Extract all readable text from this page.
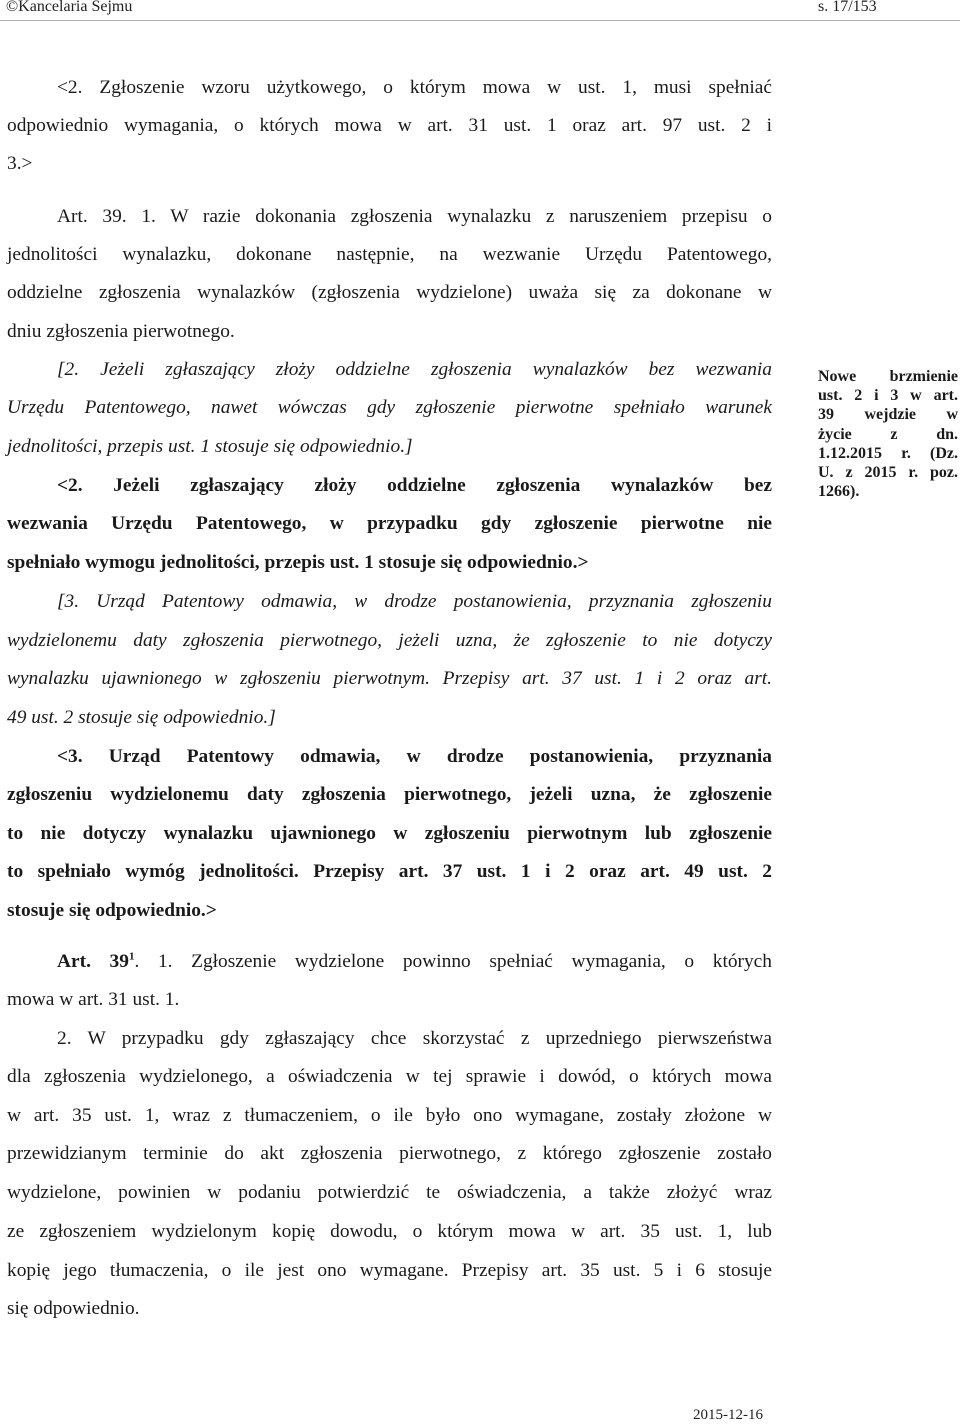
©Kancelaria Sejmu	s. 17/153

<2. Zgłoszenie wzoru użytkowego, o którym mowa w ust. 1, musi spełniać

odpowiednio wymagania, o których mowa w art. 31 ust. 1 oraz art. 97 ust. 2 i

3.>

Art. 39. 1. W razie dokonania zgłoszenia wynalazku z naruszeniem przepisu o

jednolitości wynalazku, dokonane następnie, na wezwanie Urzędu Patentowego,

oddzielne zgłoszenia wynalazków (zgłoszenia wydzielone) uważa się za dokonane w

dniu zgłoszenia pierwotnego.

[2. Jeżeli zgłaszający złoży oddzielne zgłoszenia wynalazków bez wezwania

Urzędu Patentowego, nawet wówczas gdy zgłoszenie pierwotne spełniało warunek

jednolitości, przepis ust. 1 stosuje się odpowiednio.]

<2. Jeżeli zgłaszający złoży oddzielne zgłoszenia wynalazków bez

wezwania Urzędu Patentowego, w przypadku gdy zgłoszenie pierwotne nie

spełniało wymogu jednolitości, przepis ust. 1 stosuje się odpowiednio.>

[3. Urząd Patentowy odmawia, w drodze postanowienia, przyznania zgłoszeniu

wydzielonemu daty zgłoszenia pierwotnego, jeżeli uzna, że zgłoszenie to nie dotyczy

wynalazku ujawnionego w zgłoszeniu pierwotnym. Przepisy art. 37 ust. 1 i 2 oraz art.

49 ust. 2 stosuje się odpowiednio.]

<3. Urząd Patentowy odmawia, w drodze postanowienia, przyznania

zgłoszeniu wydzielonemu daty zgłoszenia pierwotnego, jeżeli uzna, że zgłoszenie

to nie dotyczy wynalazku ujawnionego w zgłoszeniu pierwotnym lub zgłoszenie

to spełniało wymóg jednolitości. Przepisy art. 37 ust. 1 i 2 oraz art. 49 ust. 2

stosuje się odpowiednio.>

Art. $39^1$. 1. Zgłoszenie wydzielone powinno spełniać wymagania, o których

mowa w art. 31 ust. 1.

2. W przypadku gdy zgłaszający chce skorzystać z uprzedniego pierwszeństwa

dla zgłoszenia wydzielonego, a oświadczenia w tej sprawie i dowód, o których mowa

w art. 35 ust. 1, wraz z tłumaczeniem, o ile było ono wymagane, zostały złożone w

przewidzianym terminie do akt zgłoszenia pierwotnego, z którego zgłoszenie zostało

wydzielone, powinien w podaniu potwierdzić te oświadczenia, a także złożyć wraz

ze zgłoszeniem wydzielonym kopię dowodu, o którym mowa w art. 35 ust. 1, lub

kopię jego tłumaczenia, o ile jest ono wymagane. Przepisy art. 35 ust. 5 i 6 stosuje

się odpowiednio.

Nowe brzmienie
ust. 2 i 3 w art.
39 wejdzie w
życie z dn.
1.12.2015 r. (Dz.
U. z 2015 r. poz.
1266).
2015-12-16
